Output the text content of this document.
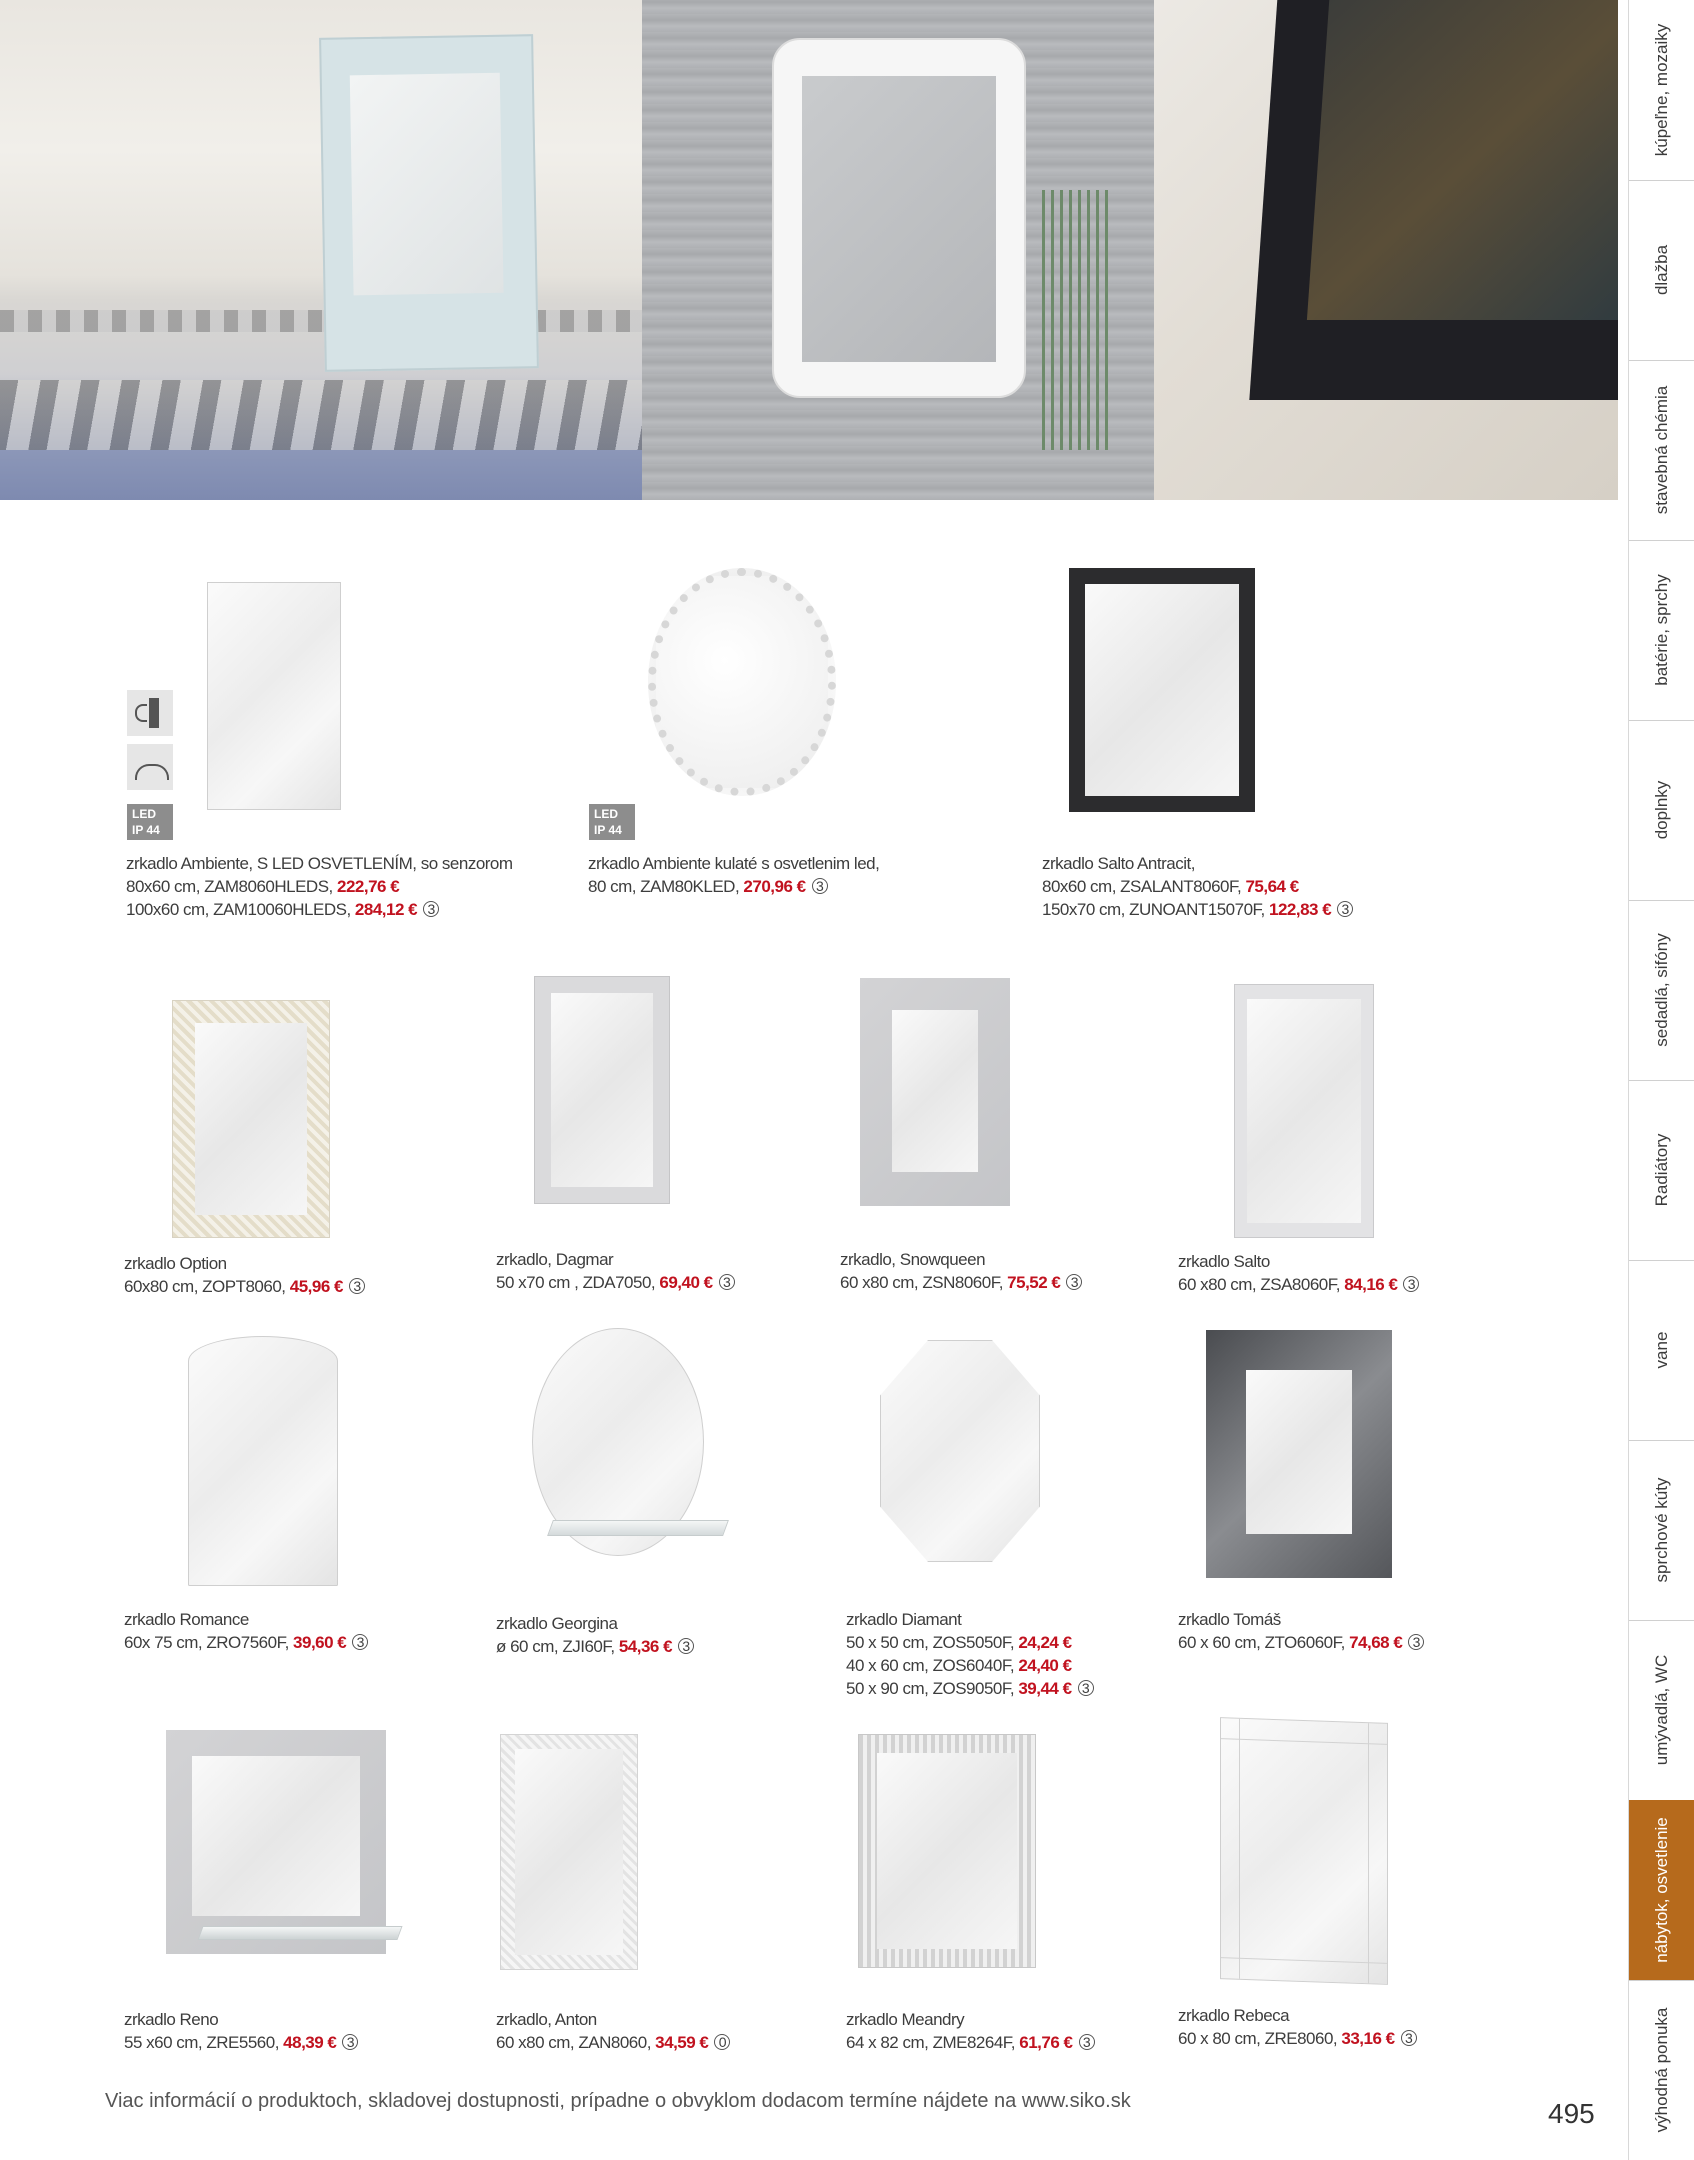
kúpeľne, mozaiky
dlažba
stavebná chémia
batérie, sprchy
doplnky
sedadlá, sifóny
Radiátory
vane
sprchové kúty
umývadlá, WC
nábytok, osvetlenie
výhodná ponuka
LED
IP 44
zrkadlo Ambiente, S LED OSVETLENÍM, so senzorom
80x60 cm, ZAM8060HLEDS, 222,76 €
100x60 cm, ZAM10060HLEDS, 284,12 € 3
LED
IP 44
zrkadlo Ambiente kulaté s osvetlenim led,
80 cm, ZAM80KLED, 270,96 € 3
zrkadlo Salto Antracit,
80x60 cm, ZSALANT8060F, 75,64 €
150x70 cm, ZUNOANT15070F, 122,83 € 3
zrkadlo Option
60x80 cm, ZOPT8060, 45,96 € 3
zrkadlo, Dagmar
50 x70 cm , ZDA7050, 69,40 € 3
zrkadlo, Snowqueen
60 x80 cm, ZSN8060F, 75,52 € 3
zrkadlo Salto
60 x80 cm, ZSA8060F, 84,16 € 3
zrkadlo Romance
60x 75 cm, ZRO7560F, 39,60 € 3
zrkadlo Georgina
ø 60 cm, ZJI60F, 54,36 € 3
zrkadlo Diamant
50 x 50 cm, ZOS5050F, 24,24 €
40 x 60 cm, ZOS6040F, 24,40 €
50 x 90 cm, ZOS9050F, 39,44 € 3
zrkadlo Tomáš
60 x 60 cm, ZTO6060F, 74,68 € 3
zrkadlo Reno
55 x60 cm, ZRE5560, 48,39 € 3
zrkadlo, Anton
60 x80 cm, ZAN8060, 34,59 € 0
zrkadlo Meandry
64 x 82 cm, ZME8264F, 61,76 € 3
zrkadlo Rebeca
60 x 80 cm, ZRE8060, 33,16 € 3
Viac informácií o produktoch, skladovej dostupnosti, prípadne o obvyklom dodacom termíne nájdete na www.siko.sk	495
